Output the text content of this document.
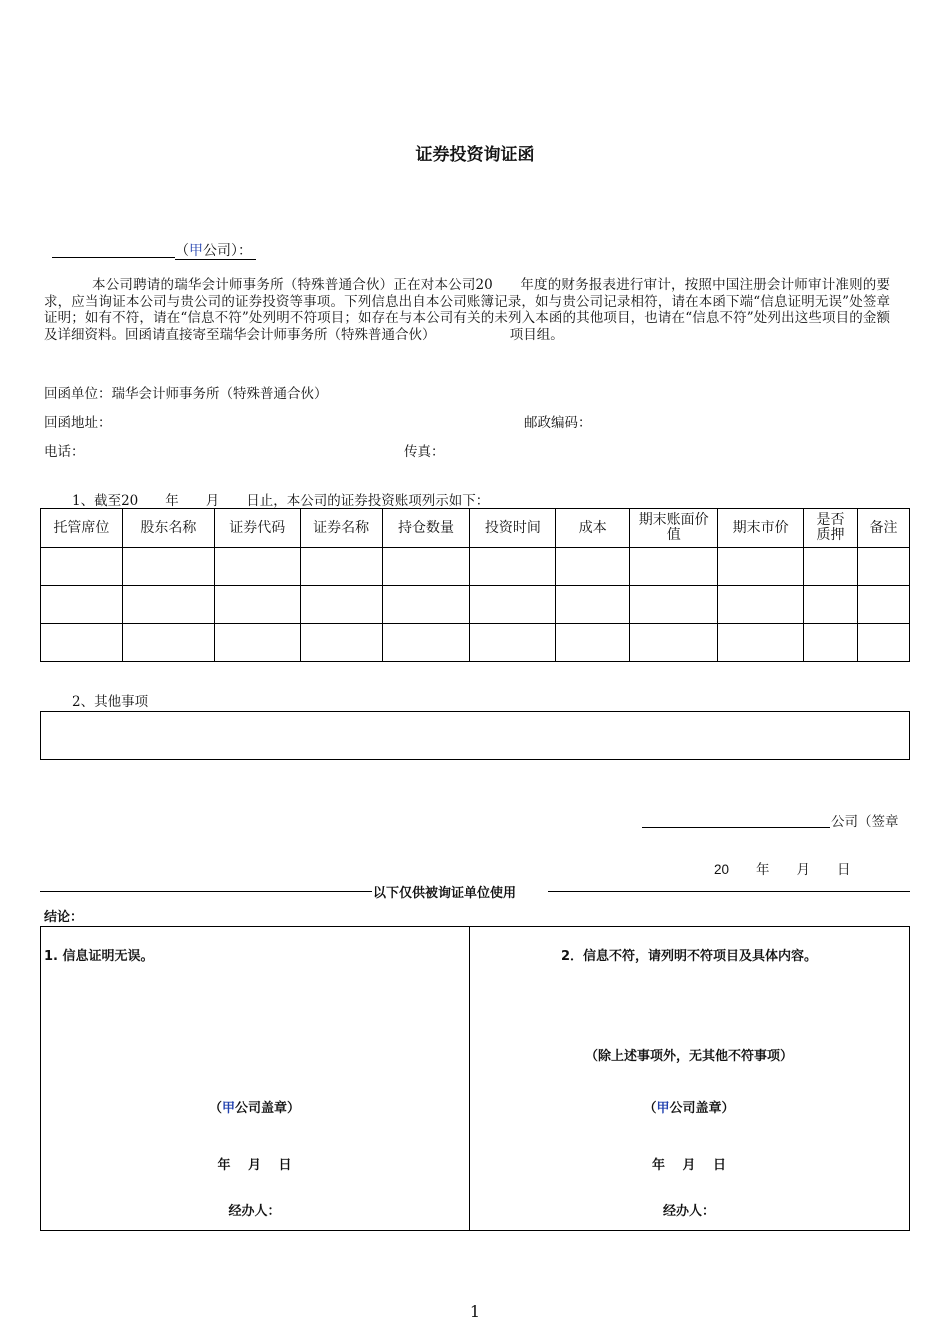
证券投资询证函
（甲公司）：

本公司聘请的瑞华会计师事务所（特殊普通合伙）正在对本公司20　　年度的财务报表进行审计，按照中国注册会计师审计准则的要求，应当询证本公司与贵公司的证券投资等事项。下列信息出自本公司账簿记录，如与贵公司记录相符，请在本函下端“信息证明无误”处签章证明；如有不符，请在“信息不符”处列明不符项目；如存在与本公司有关的未列入本函的其他项目，也请在“信息不符”处列出这些项目的金额及详细资料。回函请直接寄至瑞华会计师事务所（特殊普通合伙）　　　　　　项目组。

回函单位：瑞华会计师事务所（特殊普通合伙）
回函地址：	邮政编码：
电话：	传真：
1、截至20　　年　　月　　日止，本公司的证券投资账项列示如下：
托管席位	股东名称	证券代码	证券名称	持仓数量	投资时间	成本	期末账面价值	期末市价	是否质押	备注

2、其他事项
公司（签章
20　　年　　月　　日
以下仅供被询证单位使用
结论：
1. 信息证明无误。
（甲公司盖章）
年　 月　 日
经办人：
2．信息不符，请列明不符项目及具体内容。
（除上述事项外，无其他不符事项）
（甲公司盖章）
年　 月　 日
经办人：
1
